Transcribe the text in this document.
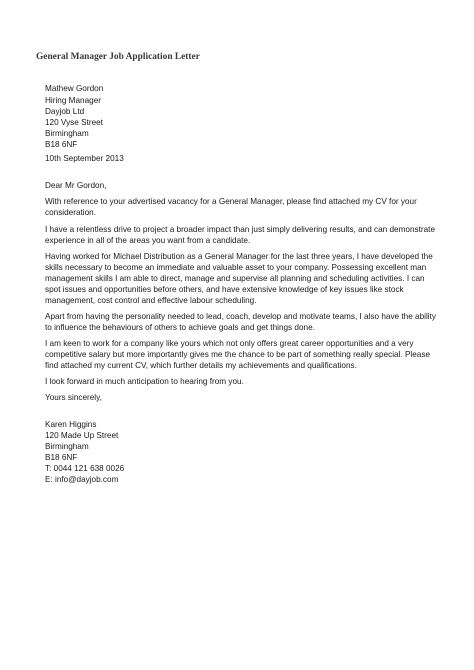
General Manager Job Application Letter
Mathew Gordon
Hiring Manager
Dayjob Ltd
120 Vyse Street
Birmingham
B18 6NF
10th September 2013
Dear Mr Gordon,
With reference to your advertised vacancy for a General Manager, please find attached my CV for your
consideration.
I have a relentless drive to project a broader impact than just simply delivering results, and can demonstrate
experience in all of the areas you want from a candidate.
Having worked for Michael Distribution as a General Manager for the last three years, I have developed the
skills necessary to become an immediate and valuable asset to your company. Possessing excellent man
management skills I am able to direct, manage and supervise all planning and scheduling activities. I can
spot issues and opportunities before others, and have extensive knowledge of key issues like stock
management, cost control and effective labour scheduling.
Apart from having the personality needed to lead, coach, develop and motivate teams, I also have the ability
to influence the behaviours of others to achieve goals and get things done.
I am keen to work for a company like yours which not only offers great career opportunities and a very
competitive salary but more importantly gives me the chance to be part of something really special. Please
find attached my current CV, which further details my achievements and qualifications.
I look forward in much anticipation to hearing from you.
Yours sincerely,
Karen Higgins
120 Made Up Street
Birmingham
B18 6NF
T: 0044 121 638 0026
E: info@dayjob.com
